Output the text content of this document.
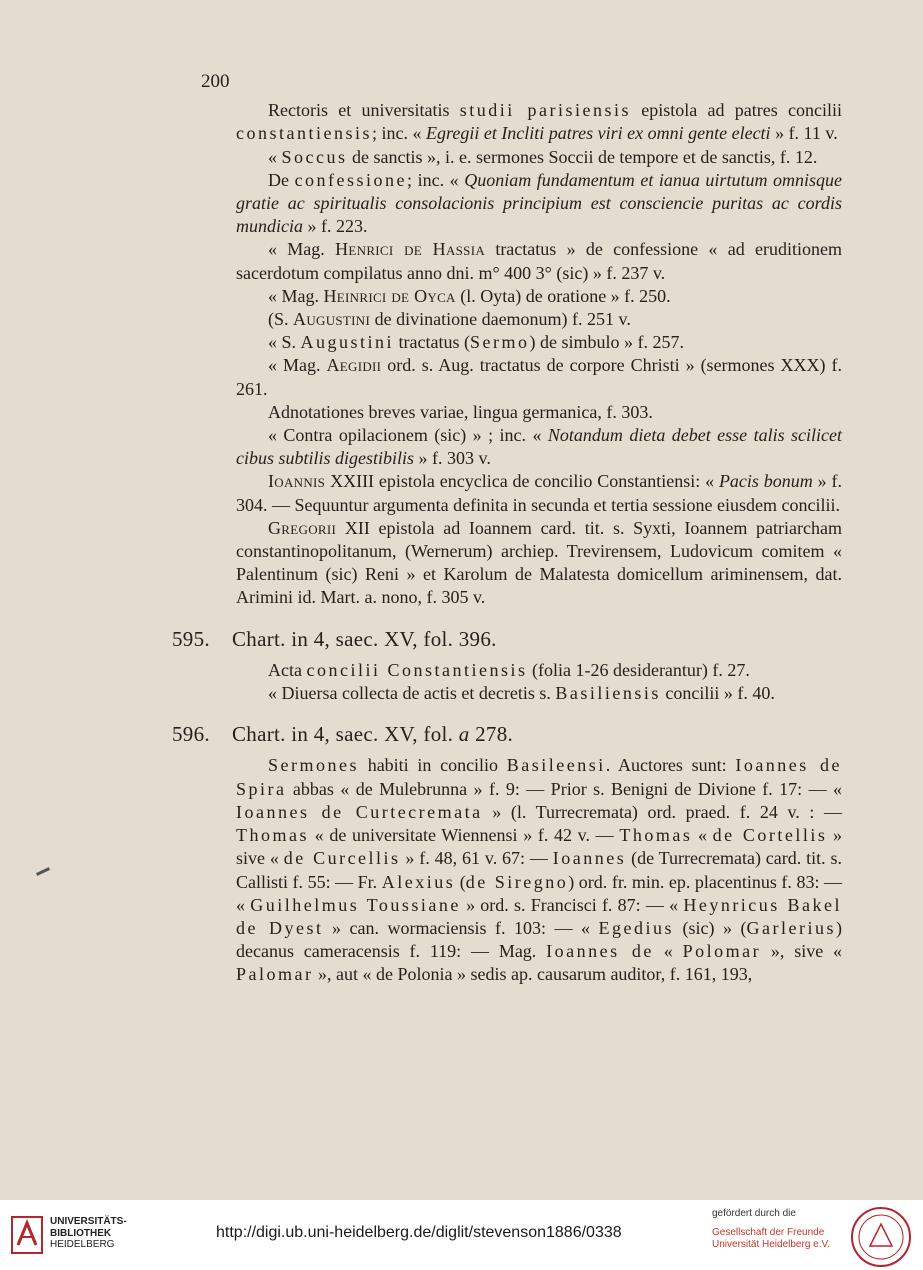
200

Rectoris et universitatis studii parisiensis epistola ad patres concilii constantiensis; inc. « Egregii et Incliti patres viri ex omni gente electi » f. 11 v.

« Soccus de sanctis », i. e. sermones Soccii de tempore et de sanctis, f. 12.

De confessione; inc. « Quoniam fundamentum et ianua uirtutum omnisque gratie ac spiritualis consolacionis principium est consciencie puritas ac cordis mundicia » f. 223.

« Mag. Henrici de Hassia tractatus » de confessione « ad eruditionem sacerdotum compilatus anno dni. m° 400 3° (sic) » f. 237 v.

« Mag. Heinrici de Oyca (l. Oyta) de oratione » f. 250.

(S. Augustini de divinatione daemonum) f. 251 v.

« S. Augustini tractatus (Sermo) de simbulo » f. 257.

« Mag. Aegidii ord. s. Aug. tractatus de corpore Christi » (sermones XXX) f. 261.

Adnotationes breves variae, lingua germanica, f. 303.

« Contra opilacionem (sic) » ; inc. « Notandum dieta debet esse talis scilicet cibus subtilis digestibilis » f. 303 v.

Ioannis XXIII epistola encyclica de concilio Constantiensi: « Pacis bonum » f. 304. — Sequuntur argumenta definita in secunda et tertia sessione eiusdem concilii.

Gregorii XII epistola ad Ioannem card. tit. s. Syxti, Ioannem patriarcham constantinopolitanum, (Wernerum) archiep. Trevirensem, Ludovicum comitem « Palentinum (sic) Reni » et Karolum de Malatesta domicellum ariminensem, dat. Arimini id. Mart. a. nono, f. 305 v.

595. Chart. in 4, saec. XV, fol. 396.

Acta concilii Constantiensis (folia 1-26 desiderantur) f. 27.

« Diuersa collecta de actis et decretis s. Basiliensis concilii » f. 40.

596. Chart. in 4, saec. XV, fol. a 278.

Sermones habiti in concilio Basileensi. Auctores sunt: Ioannes de Spira abbas « de Mulebrunna » f. 9: — Prior s. Benigni de Divione f. 17: — « Ioannes de Curtecremata » (l. Turrecremata) ord. praed. f. 24 v. : — Thomas « de universitate Wiennensi » f. 42 v. — Thomas « de Cortellis » sive « de Curcellis » f. 48, 61 v. 67: — Ioannes (de Turrecremata) card. tit. s. Callisti f. 55: — Fr. Alexius (de Siregno) ord. fr. min. ep. placentinus f. 83: — « Guilhelmus Toussiane » ord. s. Francisci f. 87: — « Heynricus Bakel de Dyest » can. wormaciensis f. 103: — « Egedius (sic) » (Garlerius) decanus cameracensis f. 119: — Mag. Ioannes de « Polomar », sive « Palomar », aut « de Polonia » sedis ap. causarum auditor, f. 161, 193,

UNIVERSITÄTS-
BIBLIOTHEK
HEIDELBERG
http://digi.ub.uni-heidelberg.de/diglit/stevenson1886/0338
gefördert durch die
Gesellschaft der Freunde
Universität Heidelberg e.V.
